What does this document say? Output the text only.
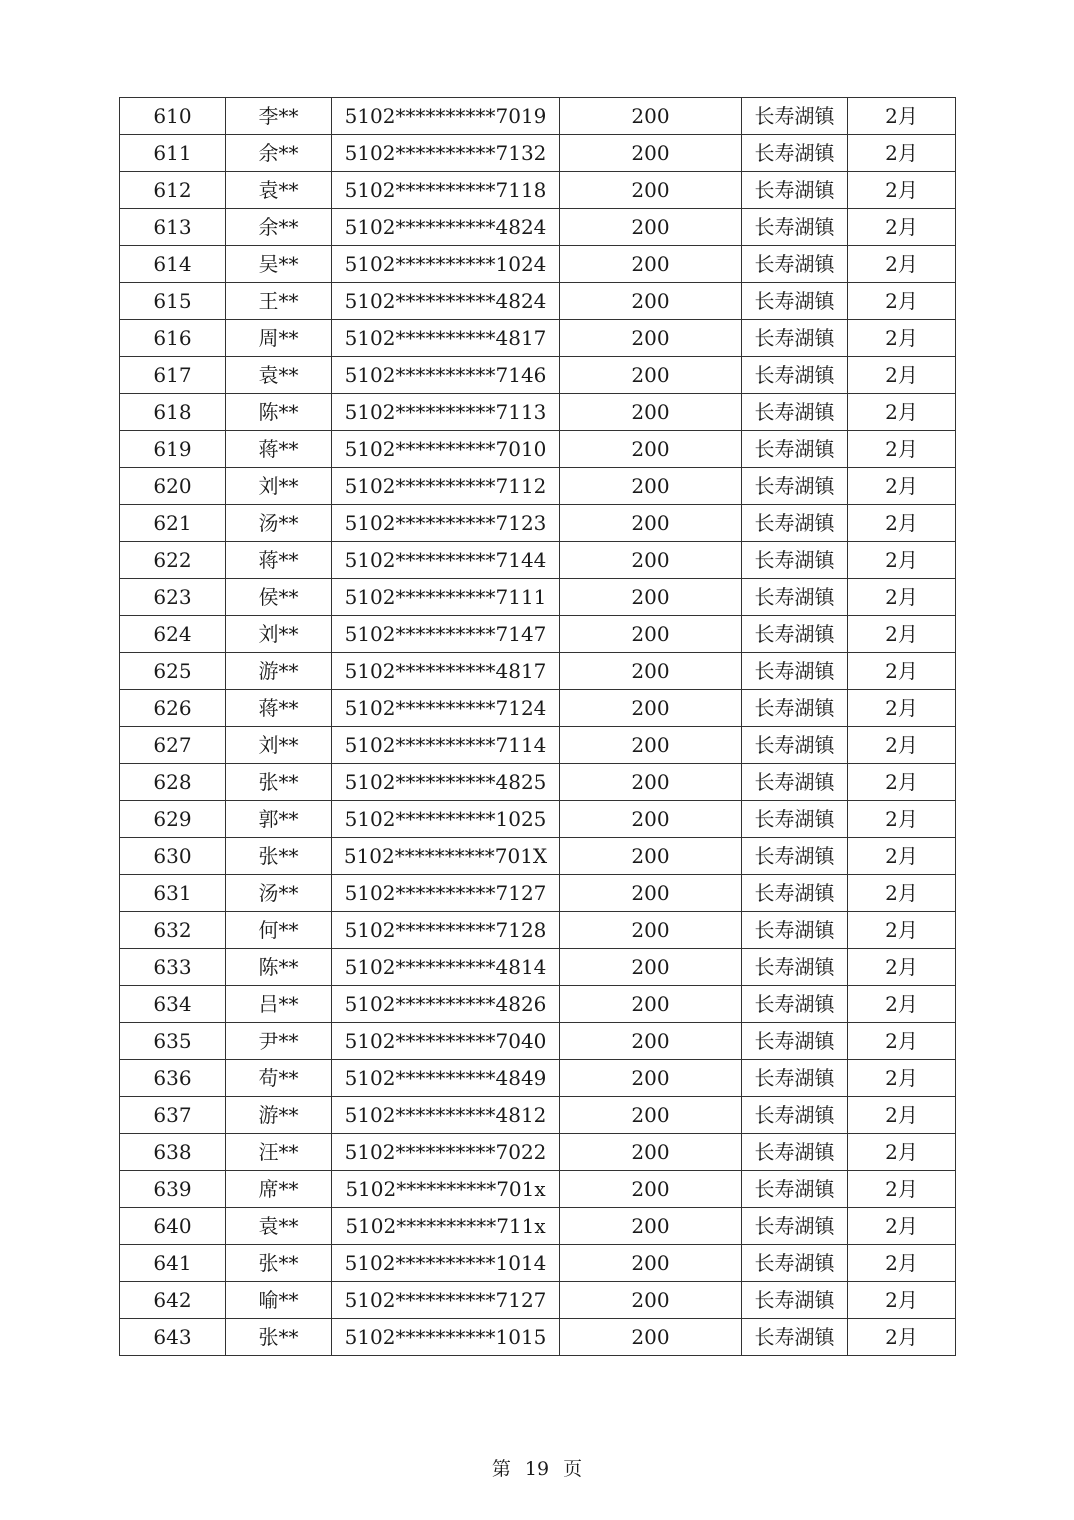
610	李**	5102**********7019	200	长寿湖镇	2月
611	余**	5102**********7132	200	长寿湖镇	2月
612	袁**	5102**********7118	200	长寿湖镇	2月
613	余**	5102**********4824	200	长寿湖镇	2月
614	吴**	5102**********1024	200	长寿湖镇	2月
615	王**	5102**********4824	200	长寿湖镇	2月
616	周**	5102**********4817	200	长寿湖镇	2月
617	袁**	5102**********7146	200	长寿湖镇	2月
618	陈**	5102**********7113	200	长寿湖镇	2月
619	蒋**	5102**********7010	200	长寿湖镇	2月
620	刘**	5102**********7112	200	长寿湖镇	2月
621	汤**	5102**********7123	200	长寿湖镇	2月
622	蒋**	5102**********7144	200	长寿湖镇	2月
623	侯**	5102**********7111	200	长寿湖镇	2月
624	刘**	5102**********7147	200	长寿湖镇	2月
625	游**	5102**********4817	200	长寿湖镇	2月
626	蒋**	5102**********7124	200	长寿湖镇	2月
627	刘**	5102**********7114	200	长寿湖镇	2月
628	张**	5102**********4825	200	长寿湖镇	2月
629	郭**	5102**********1025	200	长寿湖镇	2月
630	张**	5102**********701X	200	长寿湖镇	2月
631	汤**	5102**********7127	200	长寿湖镇	2月
632	何**	5102**********7128	200	长寿湖镇	2月
633	陈**	5102**********4814	200	长寿湖镇	2月
634	吕**	5102**********4826	200	长寿湖镇	2月
635	尹**	5102**********7040	200	长寿湖镇	2月
636	苟**	5102**********4849	200	长寿湖镇	2月
637	游**	5102**********4812	200	长寿湖镇	2月
638	汪**	5102**********7022	200	长寿湖镇	2月
639	席**	5102**********701x	200	长寿湖镇	2月
640	袁**	5102**********711x	200	长寿湖镇	2月
641	张**	5102**********1014	200	长寿湖镇	2月
642	喻**	5102**********7127	200	长寿湖镇	2月
643	张**	5102**********1015	200	长寿湖镇	2月
第 19 页
